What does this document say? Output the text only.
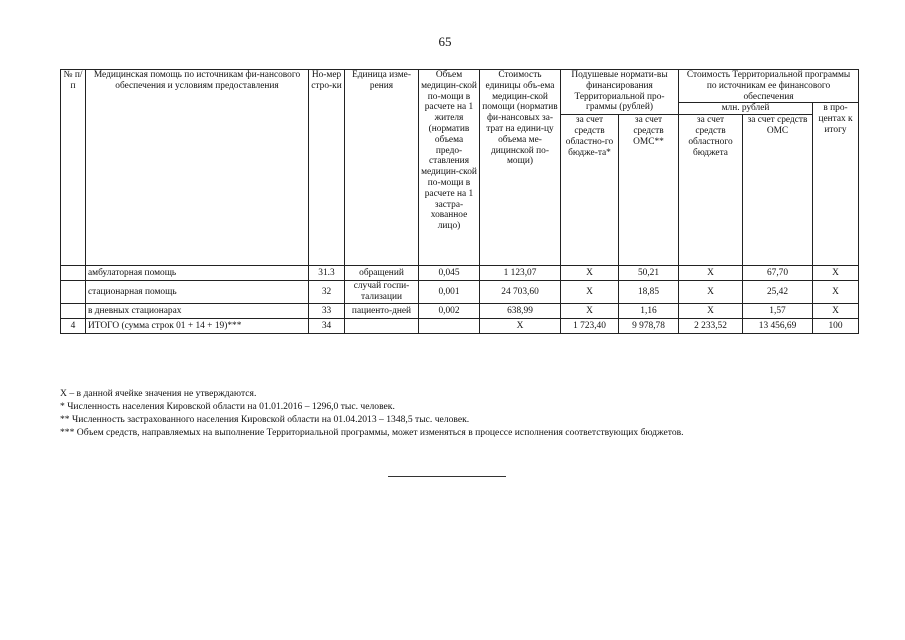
65
№ п/п	Медицинская помощь по источникам фи-нансового обеспечения и условиям предоставления	Но-мер стро-ки	Единица изме-рения	Объем медицин-ской по-мощи в расчете на 1 жителя (норматив объема предо-ставления медицин-ской по-мощи в расчете на 1 застра-хованное лицо)	Стоимость единицы объ-ема медицин-ской помощи (норматив фи-нансовых за-трат на едини-цу объема ме-дицинской по-мощи)	Подушевые нормати-вы финансирования Территориальной про-граммы (рублей)		Стоимость Территориальной программы по источникам ее финансового обеспечения		
								млн. рублей		в про-центах к итогу
						за счет средств областно-го бюдже-та*	за счет средств ОМС**	за счет средств областного бюджета	за счет средств ОМС	
	амбулаторная помощь	31.3	обращений	0,045	1 123,07	Х	50,21	Х	67,70	Х
	стационарная помощь	32	случай госпи-тализации	0,001	24 703,60	Х	18,85	Х	25,42	Х
	в дневных стационарах	33	пациенто-дней	0,002	638,99	Х	1,16	Х	1,57	Х
4	ИТОГО (сумма строк 01 + 14 + 19)***	34			Х	1 723,40	9 978,78	2 233,52	13 456,69	100

Х – в данной ячейке значения не утверждаются.

* Численность населения Кировской области на 01.01.2016 – 1296,0 тыс. человек.

** Численность застрахованного населения Кировской области на 01.04.2013 – 1348,5 тыс. человек.

*** Объем средств, направляемых на выполнение Территориальной программы, может изменяться в процессе исполнения соответствующих бюджетов.
